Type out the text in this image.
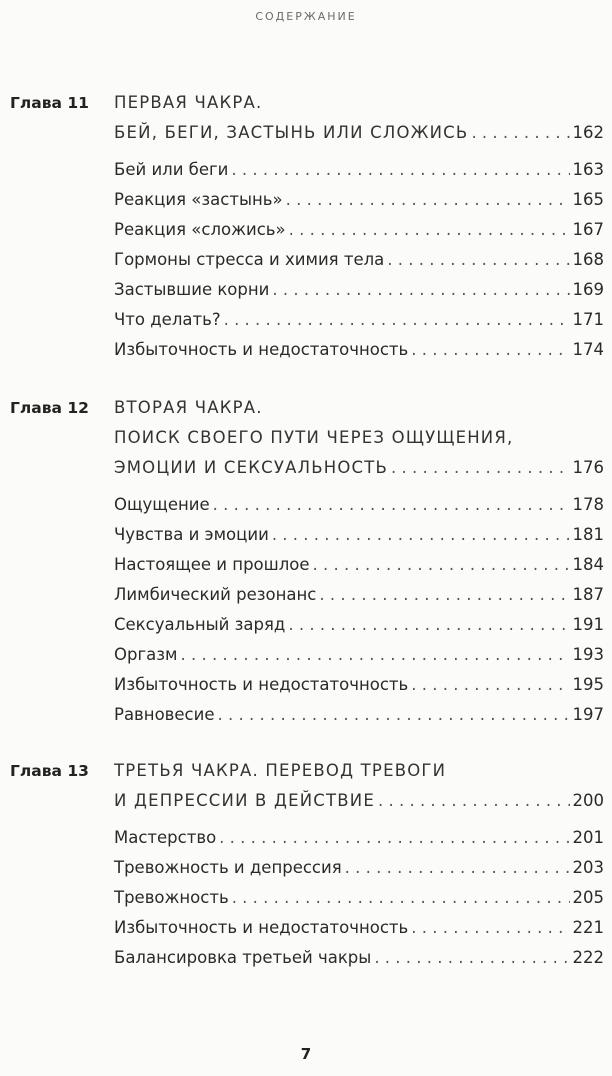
СОДЕРЖАНИЕ
Глава 11 ПЕРВАЯ ЧАКРА.
БЕЙ, БЕГИ, ЗАСТЫНЬ ИЛИ СЛОЖИСЬ . . .	162
Бей или беги . . .	163
Реакция «застынь» . . .	165
Реакция «сложись» . . .	167
Гормоны стресса и химия тела . . .	168
Застывшие корни . . .	169
Что делать? . . .	171
Избыточность и недостаточность . . .	174
Глава 12 ВТОРАЯ ЧАКРА.
ПОИСК СВОЕГО ПУТИ ЧЕРЕЗ ОЩУЩЕНИЯ,
ЭМОЦИИ И СЕКСУАЛЬНОСТЬ . . .	176
Ощущение . . .	178
Чувства и эмоции . . .	181
Настоящее и прошлое . . .	184
Лимбический резонанс . . .	187
Сексуальный заряд . . .	191
Оргазм . . .	193
Избыточность и недостаточность . . .	195
Равновесие . . .	197
Глава 13 ТРЕТЬЯ ЧАКРА. ПЕРЕВОД ТРЕВОГИ
И ДЕПРЕССИИ В ДЕЙСТВИЕ . . .	200
Мастерство . . .	201
Тревожность и депрессия . . .	203
Тревожность . . .	205
Избыточность и недостаточность . . .	221
Балансировка третьей чакры . . .	222
7
